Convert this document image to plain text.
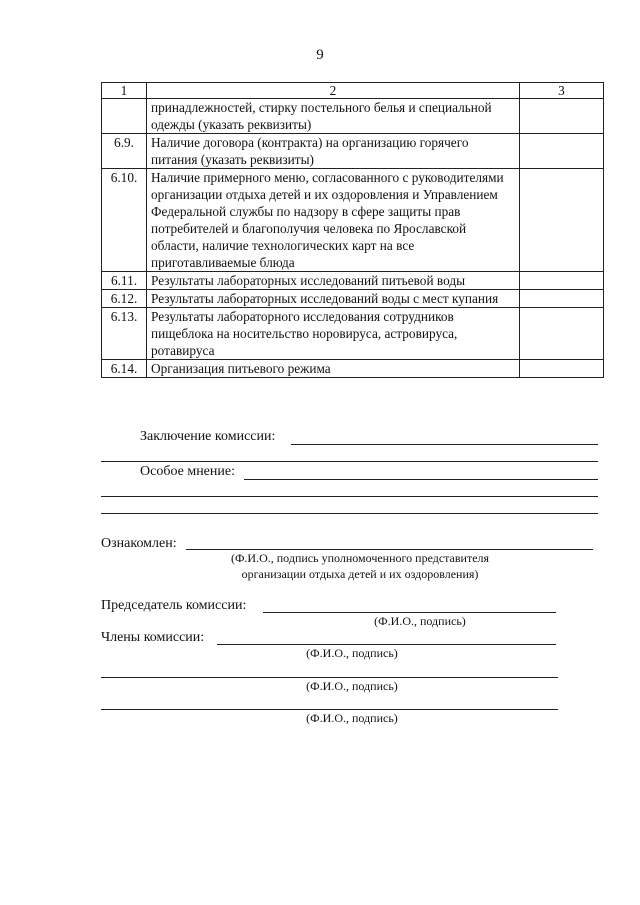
9
1	2	3
	принадлежностей, стирку постельного белья и специальной одежды (указать реквизиты)	
6.9.	Наличие договора (контракта) на организацию горячего питания (указать реквизиты)	
6.10.	Наличие примерного меню, согласованного с руководителями организации отдыха детей и их оздоровления и Управлением Федеральной службы по надзору в сфере защиты прав потребителей и благополучия человека по Ярославской области, наличие технологических карт на все приготавливаемые блюда	
6.11.	Результаты лабораторных исследований питьевой воды	
6.12.	Результаты лабораторных исследований воды с мест купания	
6.13.	Результаты лабораторного исследования сотрудников пищеблока на носительство норовируса, астровируса, ротавируса	
6.14.	Организация питьевого режима	
Заключение комиссии:
Особое мнение:
Ознакомлен:
(Ф.И.О., подпись уполномоченного представителя организации отдыха детей и их оздоровления)
Председатель комиссии:
(Ф.И.О., подпись)
Члены комиссии:
(Ф.И.О., подпись)
(Ф.И.О., подпись)
(Ф.И.О., подпись)
